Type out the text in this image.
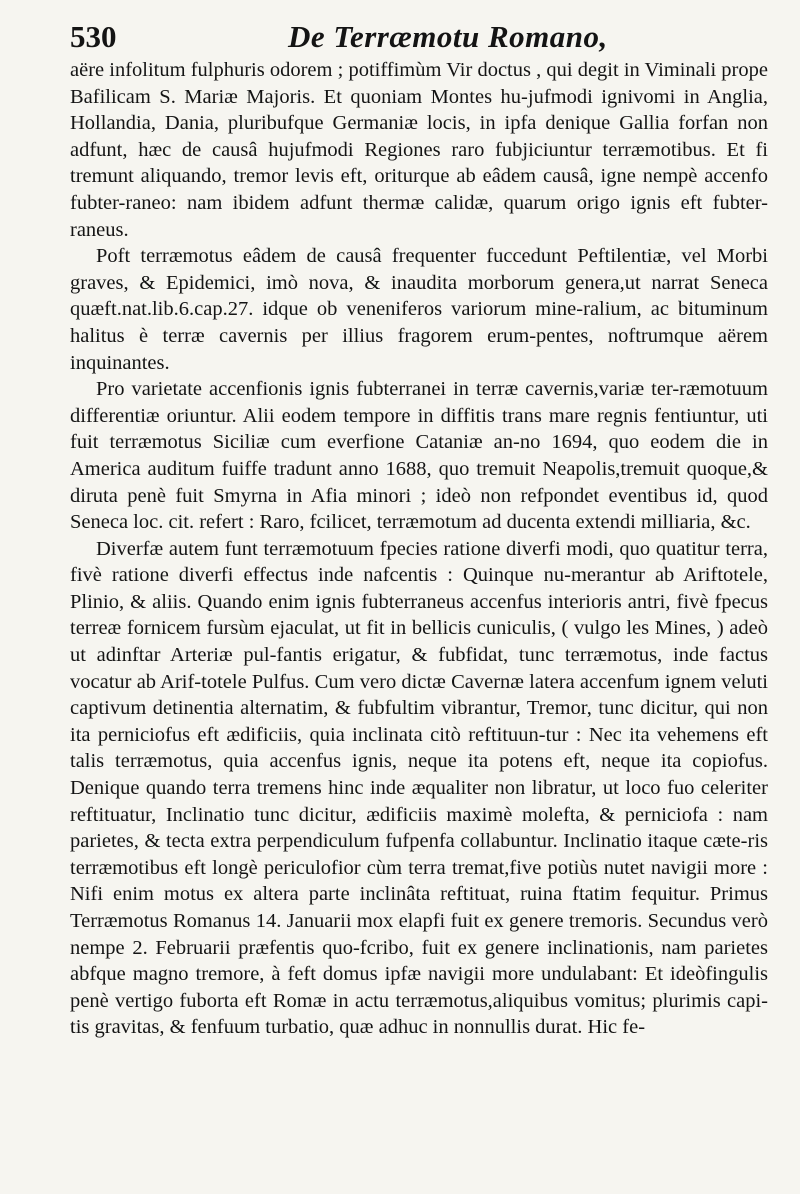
530	De Terræmotu Romano,

aëre infolitum fulphuris odorem ; potiffimùm Vir doctus , qui degit in Viminali prope Bafilicam S. Mariæ Majoris. Et quoniam Montes hu-jufmodi ignivomi in Anglia, Hollandia, Dania, pluribufque Germaniæ locis, in ipfa denique Gallia forfan non adfunt, hæc de causâ hujufmodi Regiones raro fubjiciuntur terræmotibus. Et fi tremunt aliquando, tremor levis eft, oriturque ab eâdem causâ, igne nempè accenfo fubter-raneo: nam ibidem adfunt thermæ calidæ, quarum origo ignis eft fubter-raneus.

Poft terræmotus eâdem de causâ frequenter fuccedunt Peftilentiæ, vel Morbi graves, & Epidemici, imò nova, & inaudita morborum genera,ut narrat Seneca quæft.nat.lib.6.cap.27. idque ob veneniferos variorum mine-ralium, ac bituminum halitus è terræ cavernis per illius fragorem erum-pentes, noftrumque aërem inquinantes.

Pro varietate accenfionis ignis fubterranei in terræ cavernis,variæ ter-ræmotuum differentiæ oriuntur. Alii eodem tempore in diffitis trans mare regnis fentiuntur, uti fuit terræmotus Siciliæ cum everfione Cataniæ an-no 1694, quo eodem die in America auditum fuiffe tradunt anno 1688, quo tremuit Neapolis,tremuit quoque,& diruta penè fuit Smyrna in Afia minori ; ideò non refpondet eventibus id, quod Seneca loc. cit. refert : Raro, fcilicet, terræmotum ad ducenta extendi milliaria, &c.

Diverfæ autem funt terræmotuum fpecies ratione diverfi modi, quo quatitur terra, fivè ratione diverfi effectus inde nafcentis : Quinque nu-merantur ab Ariftotele, Plinio, & aliis. Quando enim ignis fubterraneus accenfus interioris antri, fivè fpecus terreæ fornicem fursùm ejaculat, ut fit in bellicis cuniculis, ( vulgo les Mines, ) adeò ut adinftar Arteriæ pul-fantis erigatur, & fubfidat, tunc terræmotus, inde factus vocatur ab Arif-totele Pulfus. Cum vero dictæ Cavernæ latera accenfum ignem veluti captivum detinentia alternatim, & fubfultim vibrantur, Tremor, tunc dicitur, qui non ita perniciofus eft ædificiis, quia inclinata citò reftituun-tur : Nec ita vehemens eft talis terræmotus, quia accenfus ignis, neque ita potens eft, neque ita copiofus. Denique quando terra tremens hinc inde æqualiter non libratur, ut loco fuo celeriter reftituatur, Inclinatio tunc dicitur, ædificiis maximè molefta, & perniciofa : nam parietes, & tecta extra perpendiculum fufpenfa collabuntur. Inclinatio itaque cæte-ris terræmotibus eft longè periculofior cùm terra tremat,five potiùs nutet navigii more : Nifi enim motus ex altera parte inclinâta reftituat, ruina ftatim fequitur. Primus Terræmotus Romanus 14. Januarii mox elapfi fuit ex genere tremoris. Secundus verò nempe 2. Februarii præfentis quo-fcribo, fuit ex genere inclinationis, nam parietes abfque magno tremore, à feft domus ipfæ navigii more undulabant: Et ideòfingulis penè vertigo fuborta eft Romæ in actu terræmotus,aliquibus vomitus; plurimis capi-tis gravitas, & fenfuum turbatio, quæ adhuc in nonnullis durat. Hic fe-
